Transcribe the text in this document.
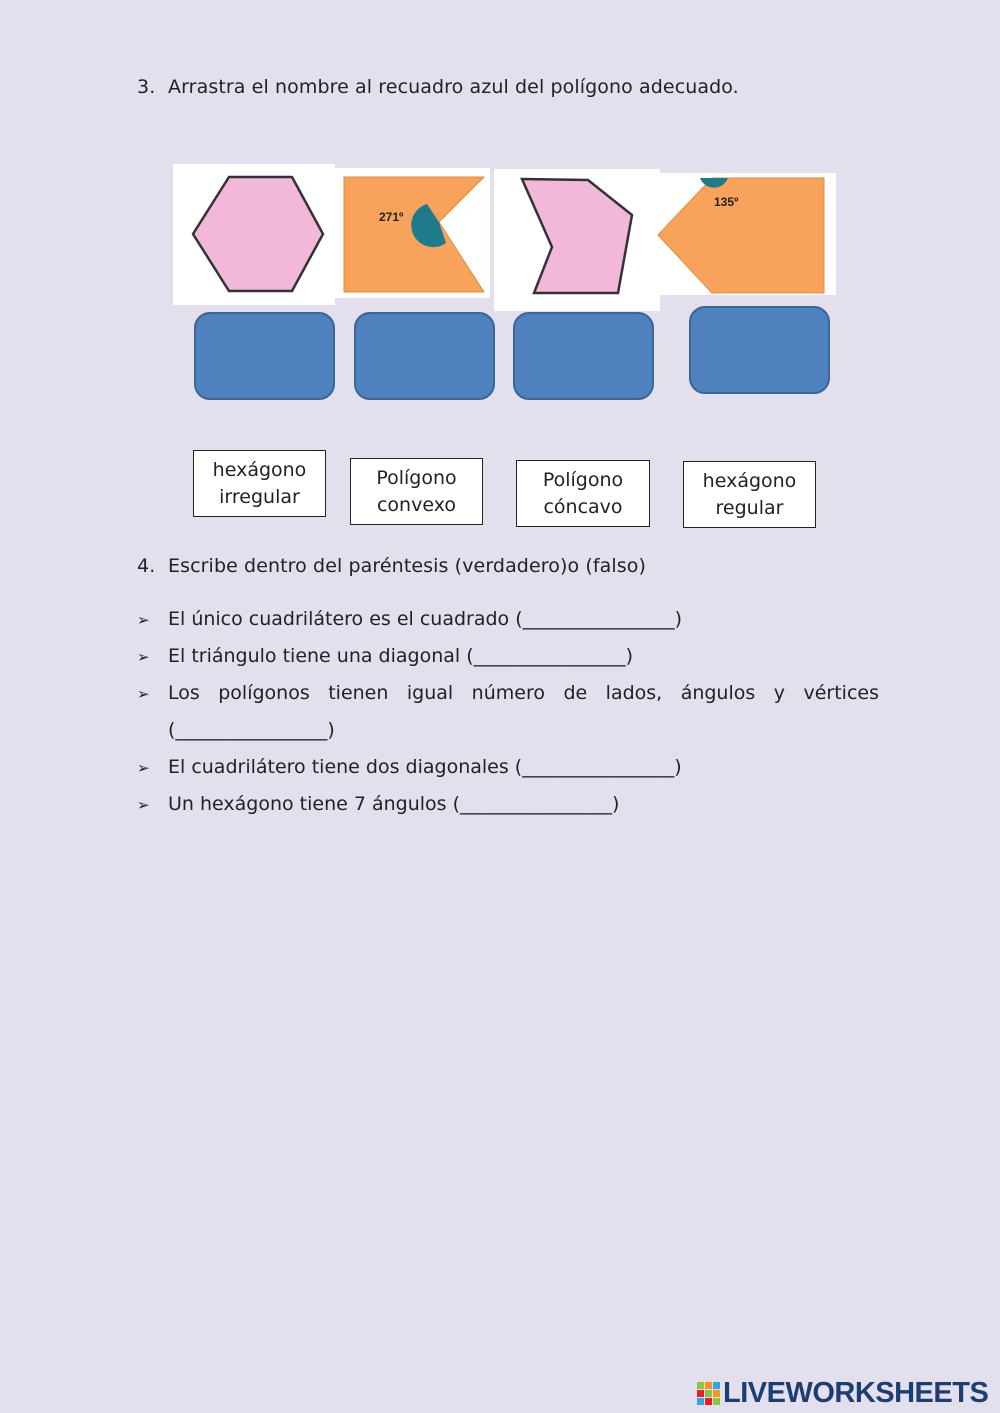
3. Arrastra el nombre al recuadro azul del polígono adecuado.
271º
135º
hexágono
irregular
Polígono
convexo
Polígono
cóncavo
hexágono
regular
4. Escribe dentro del paréntesis (verdadero)o (falso)
➢ El único cuadrilátero es el cuadrado (________________)
➢ El triángulo tiene una diagonal (________________)
➢ Los polígonos tienen igual número de lados, ángulos y vértices
(________________)
➢ El cuadrilátero tiene dos diagonales (________________)
➢ Un hexágono tiene 7 ángulos (________________)
LIVEWORKSHEETS
